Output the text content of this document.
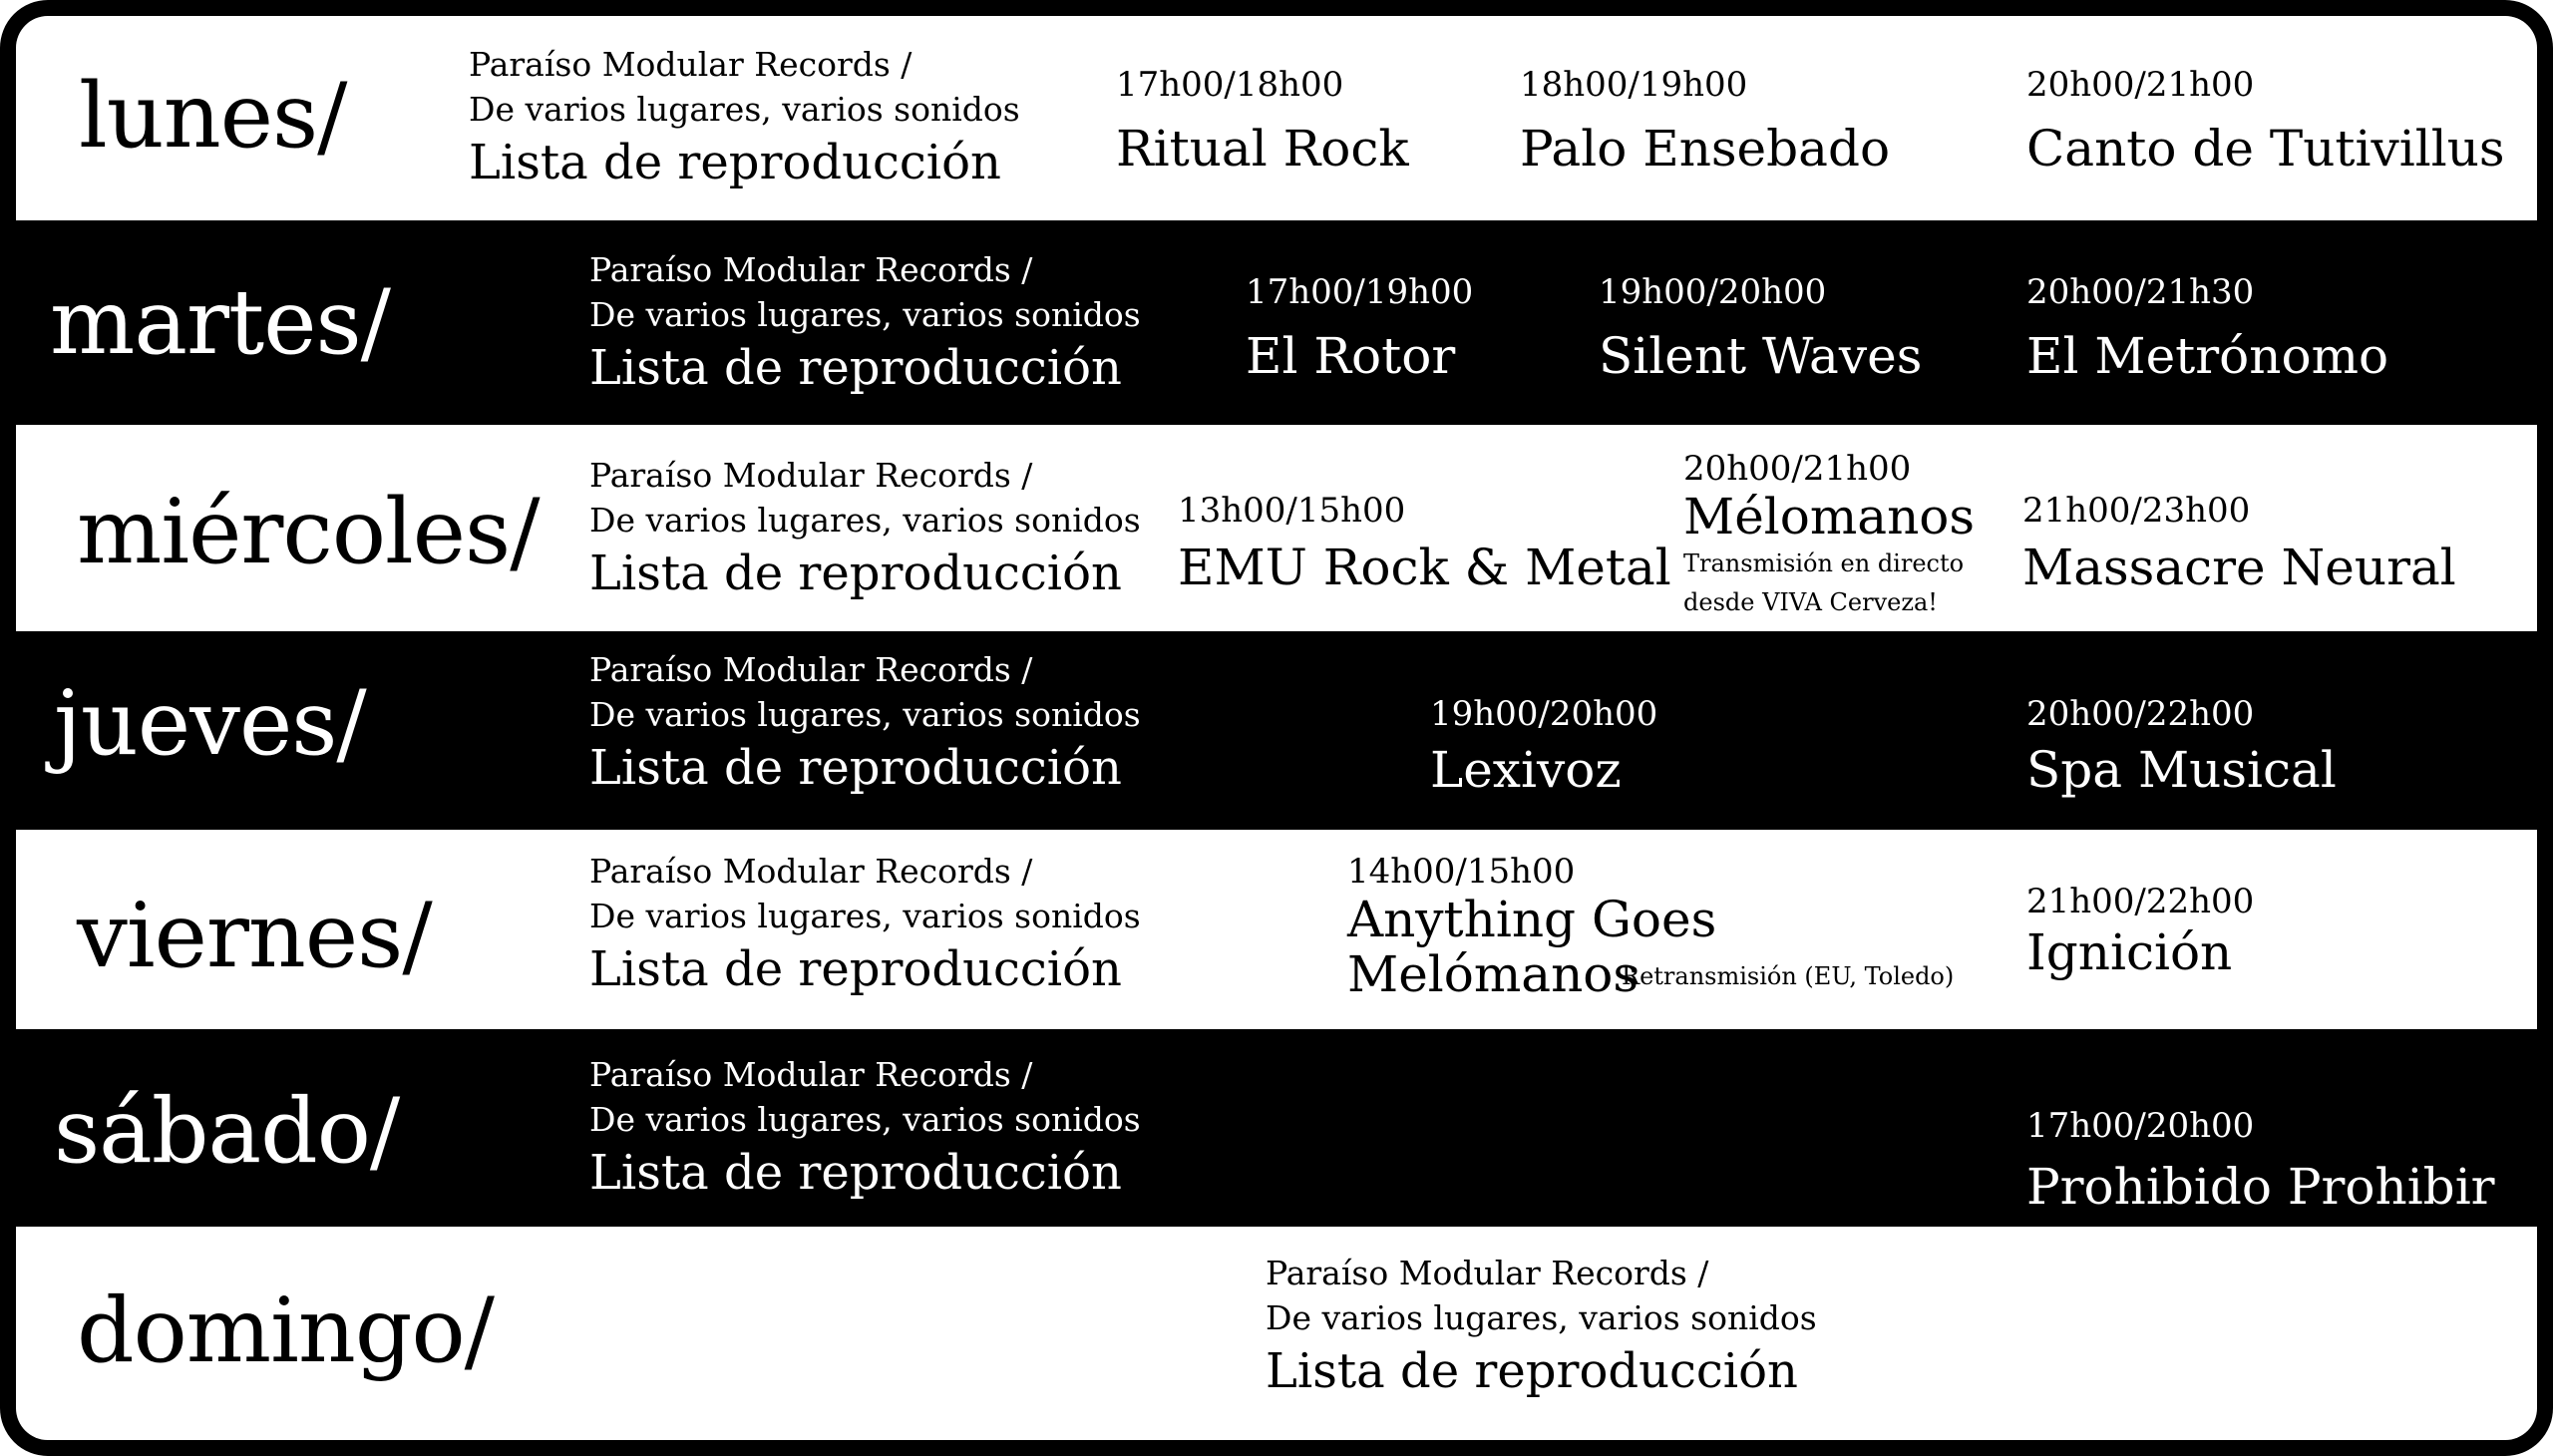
lunes/	Paraíso Modular Records /
De varios lugares, varios sonidos
Lista de reproducción
17h00/18h00
Ritual Rock
18h00/19h00
Palo Ensebado
20h00/21h00
Canto de Tutivillus
martes/
Paraíso Modular Records /
De varios lugares, varios sonidos
Lista de reproducción
17h00/19h00
El Rotor
19h00/20h00
Silent Waves
20h00/21h30
El Metrónomo
miércoles/
Paraíso Modular Records /
De varios lugares, varios sonidos
Lista de reproducción
13h00/15h00
EMU Rock & Metal
20h00/21h00
Mélomanos
Transmisión en directo
desde VIVA Cerveza!
21h00/23h00
Massacre Neural
jueves/
Paraíso Modular Records /
De varios lugares, varios sonidos
Lista de reproducción
19h00/20h00
Lexivoz
20h00/22h00
Spa Musical
viernes/
Paraíso Modular Records /
De varios lugares, varios sonidos
Lista de reproducción
14h00/15h00
Anything Goes
Melómanos
Retransmisión (EU, Toledo)
21h00/22h00
Ignición
sábado/
Paraíso Modular Records /
De varios lugares, varios sonidos
Lista de reproducción
17h00/20h00
Prohibido Prohibir
domingo/
Paraíso Modular Records /
De varios lugares, varios sonidos
Lista de reproducción
